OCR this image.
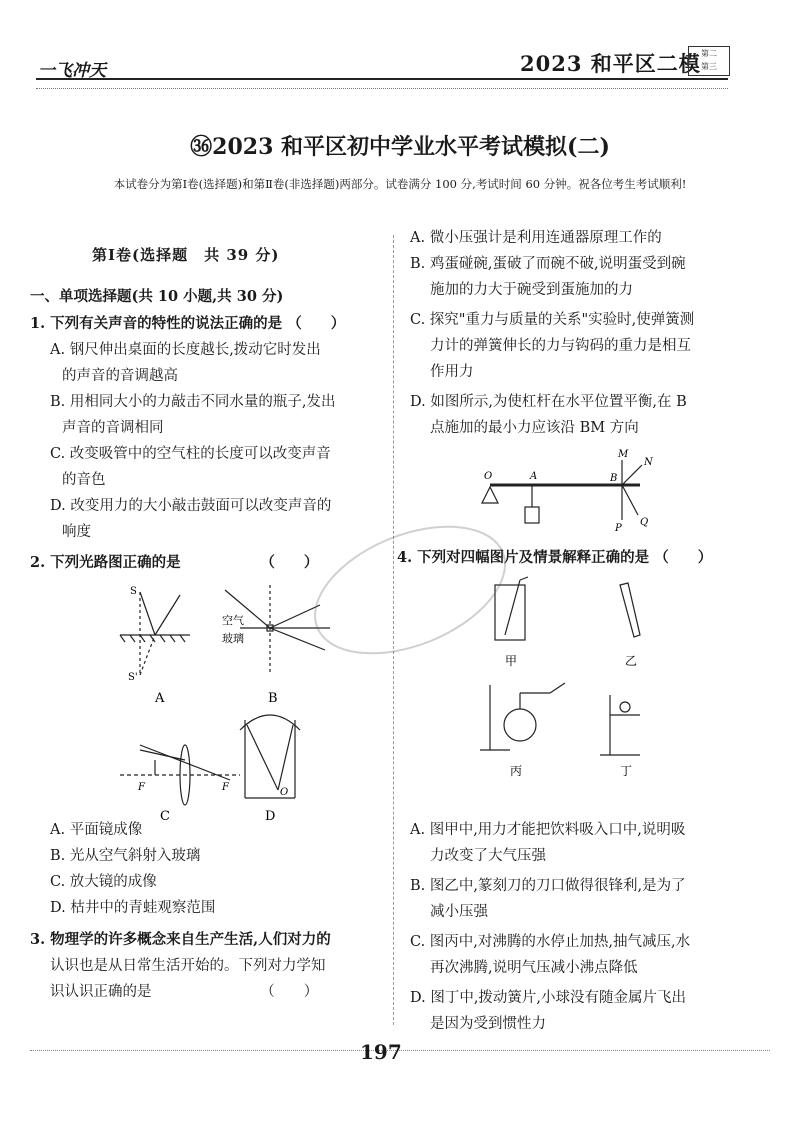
一飞冲天	2023 和平区二模 第二
第三
㊱2023 和平区初中学业水平考试模拟(二)
本试卷分为第Ⅰ卷(选择题)和第Ⅱ卷(非选择题)两部分。试卷满分 100 分,考试时间 60 分钟。祝各位考生考试顺利!
第Ⅰ卷(选择题　共 39 分)
一、单项选择题(共 10 小题,共 30 分)
1. 下列有关声音的特性的说法正确的是 （　　）
A. 钢尺伸出桌面的长度越长,拨动它时发出
的声音的音调越高
B. 用相同大小的力敲击不同水量的瓶子,发出
声音的音调相同
C. 改变吸管中的空气柱的长度可以改变声音
的音色
D. 改变用力的大小敲击鼓面可以改变声音的
响度
2. 下列光路图正确的是　　　　　　（　　）
S
S'
A
空气
玻璃
B
F	F
C
O
D
A. 平面镜成像
B. 光从空气斜射入玻璃
C. 放大镜的成像
D. 枯井中的青蛙观察范围
3. 物理学的许多概念来自生产生活,人们对力的
认识也是从日常生活开始的。下列对力学知
识认识正确的是　　　　　　　　（　　）
A. 微小压强计是利用连通器原理工作的
B. 鸡蛋碰碗,蛋破了而碗不破,说明蛋受到碗
施加的力大于碗受到蛋施加的力
C. 探究"重力与质量的关系"实验时,使弹簧测
力计的弹簧伸长的力与钩码的重力是相互
作用力
D. 如图所示,为使杠杆在水平位置平衡,在 B
点施加的最小力应该沿 BM 方向
O	A	B
M
N
P
Q
4. 下列对四幅图片及情景解释正确的是 （　　）
甲	乙
丙	丁
A. 图甲中,用力才能把饮料吸入口中,说明吸
力改变了大气压强
B. 图乙中,篆刻刀的刀口做得很锋利,是为了
减小压强
C. 图丙中,对沸腾的水停止加热,抽气减压,水
再次沸腾,说明气压减小沸点降低
D. 图丁中,拨动簧片,小球没有随金属片飞出
是因为受到惯性力
197
